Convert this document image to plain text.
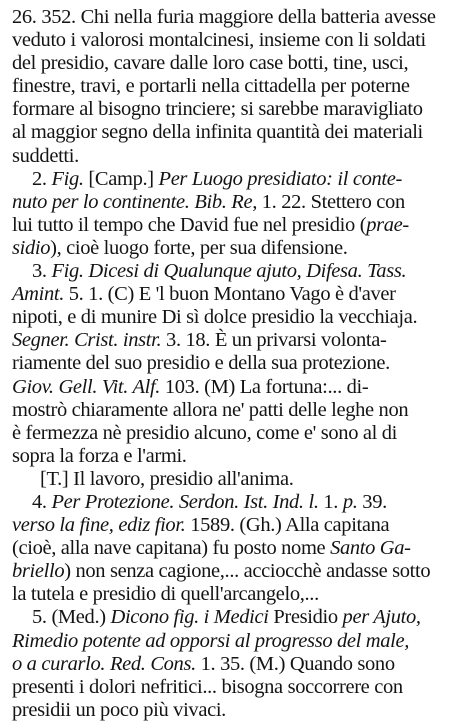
26. 352. Chi nella furia maggiore della batteria avesse
veduto i valorosi montalcinesi, insieme con li soldati
del presidio, cavare dalle loro case botti, tine, usci,
finestre, travi, e portarli nella cittadella per poterne
formare al bisogno trinciere; si sarebbe maravigliato
al maggior segno della infinita quantità dei materiali
suddetti.
2. Fig. [Camp.] Per Luogo presidiato: il conte-
nuto per lo continente. Bib. Re, 1. 22. Stettero con
lui tutto il tempo che David fue nel presidio (prae-
sidio), cioè luogo forte, per sua difensione.
3. Fig. Dicesi di Qualunque ajuto, Difesa. Tass.
Amint. 5. 1. (C) E 'l buon Montano Vago è d'aver
nipoti, e di munire Di sì dolce presidio la vecchiaja.
Segner. Crist. instr. 3. 18. È un privarsi volonta-
riamente del suo presidio e della sua protezione.
Giov. Gell. Vit. Alf. 103. (M) La fortuna:... di-
mostrò chiaramente allora ne' patti delle leghe non
è fermezza nè presidio alcuno, come e' sono al di
sopra la forza e l'armi.
[T.] Il lavoro, presidio all'anima.
4. Per Protezione. Serdon. Ist. Ind. l. 1. p. 39.
verso la fine, ediz fior. 1589. (Gh.) Alla capitana
(cioè, alla nave capitana) fu posto nome Santo Ga-
briello) non senza cagione,... acciocchè andasse sotto
la tutela e presidio di quell'arcangelo,...
5. (Med.) Dicono fig. i Medici Presidio per Ajuto,
Rimedio potente ad opporsi al progresso del male,
o a curarlo. Red. Cons. 1. 35. (M.) Quando sono
presenti i dolori nefritici... bisogna soccorrere con
presidii un poco più vivaci.
